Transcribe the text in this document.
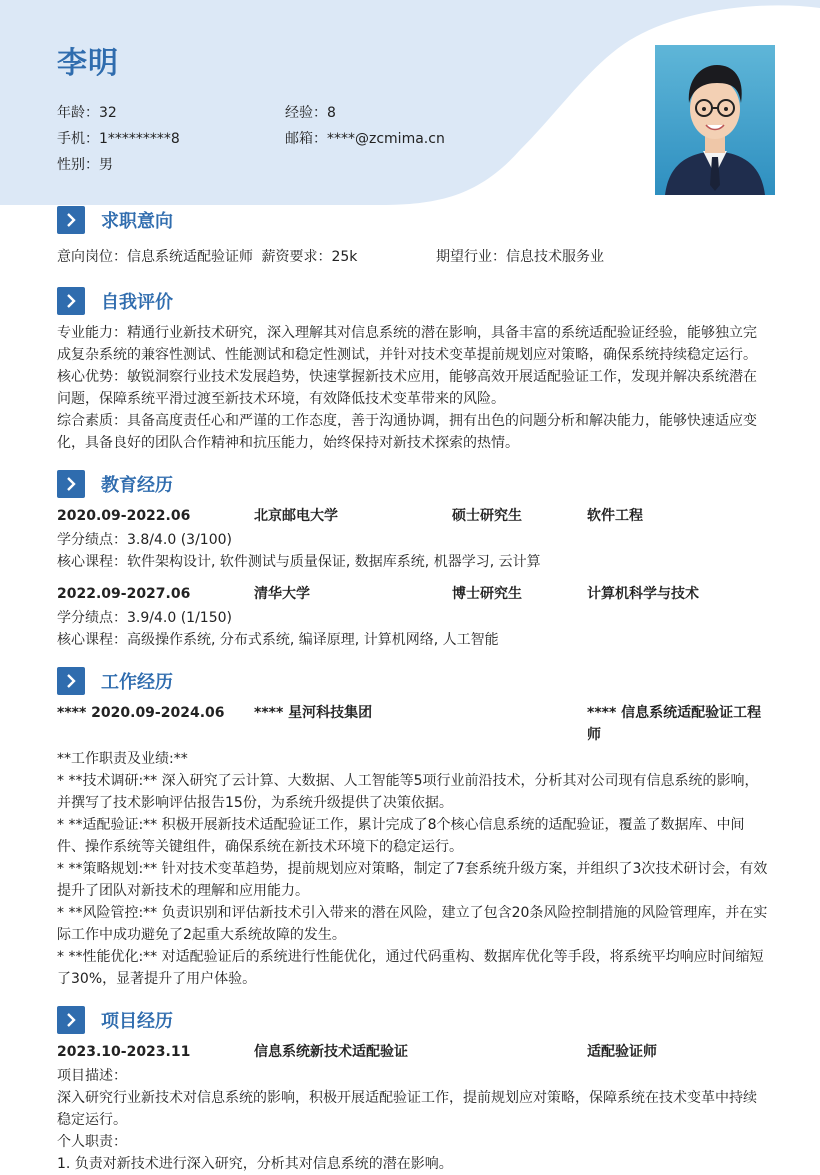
李明
年龄：32	经验：8
手机：1*********8	邮箱：****@zcmima.cn
性别：男
求职意向
意向岗位：信息系统适配验证师 薪资要求：25k	期望行业：信息技术服务业
自我评价
专业能力：精通行业新技术研究，深入理解其对信息系统的潜在影响，具备丰富的系统适配验证经验，能够独立完成复杂系统的兼容性测试、性能测试和稳定性测试，并针对技术变革提前规划应对策略，确保系统持续稳定运行。
核心优势：敏锐洞察行业技术发展趋势，快速掌握新技术应用，能够高效开展适配验证工作，发现并解决系统潜在问题，保障系统平滑过渡至新技术环境，有效降低技术变革带来的风险。
综合素质：具备高度责任心和严谨的工作态度，善于沟通协调，拥有出色的问题分析和解决能力，能够快速适应变化，具备良好的团队合作精神和抗压能力，始终保持对新技术探索的热情。
教育经历
2020.09-2022.06	北京邮电大学	硕士研究生	软件工程
学分绩点：3.8/4.0 (3/100)
核心课程：软件架构设计, 软件测试与质量保证, 数据库系统, 机器学习, 云计算
2022.09-2027.06	清华大学	博士研究生	计算机科学与技术
学分绩点：3.9/4.0 (1/150)
核心课程：高级操作系统, 分布式系统, 编译原理, 计算机网络, 人工智能
工作经历
**** 2020.09-2024.06 **** 星河科技集团	**** 信息系统适配验证工程师
**工作职责及业绩:**
* **技术调研:** 深入研究了云计算、大数据、人工智能等5项行业前沿技术，分析其对公司现有信息系统的影响，并撰写了技术影响评估报告15份，为系统升级提供了决策依据。
* **适配验证:** 积极开展新技术适配验证工作，累计完成了8个核心信息系统的适配验证，覆盖了数据库、中间件、操作系统等关键组件，确保系统在新技术环境下的稳定运行。
* **策略规划:** 针对技术变革趋势，提前规划应对策略，制定了7套系统升级方案，并组织了3次技术研讨会，有效提升了团队对新技术的理解和应用能力。
* **风险管控:** 负责识别和评估新技术引入带来的潜在风险，建立了包含20条风险控制措施的风险管理库，并在实际工作中成功避免了2起重大系统故障的发生。
* **性能优化:** 对适配验证后的系统进行性能优化，通过代码重构、数据库优化等手段，将系统平均响应时间缩短了30%，显著提升了用户体验。
项目经历
2023.10-2023.11	信息系统新技术适配验证	适配验证师
项目描述：
深入研究行业新技术对信息系统的影响，积极开展适配验证工作，提前规划应对策略，保障系统在技术变革中持续稳定运行。
个人职责：
1. 负责对新技术进行深入研究，分析其对信息系统的潜在影响。
